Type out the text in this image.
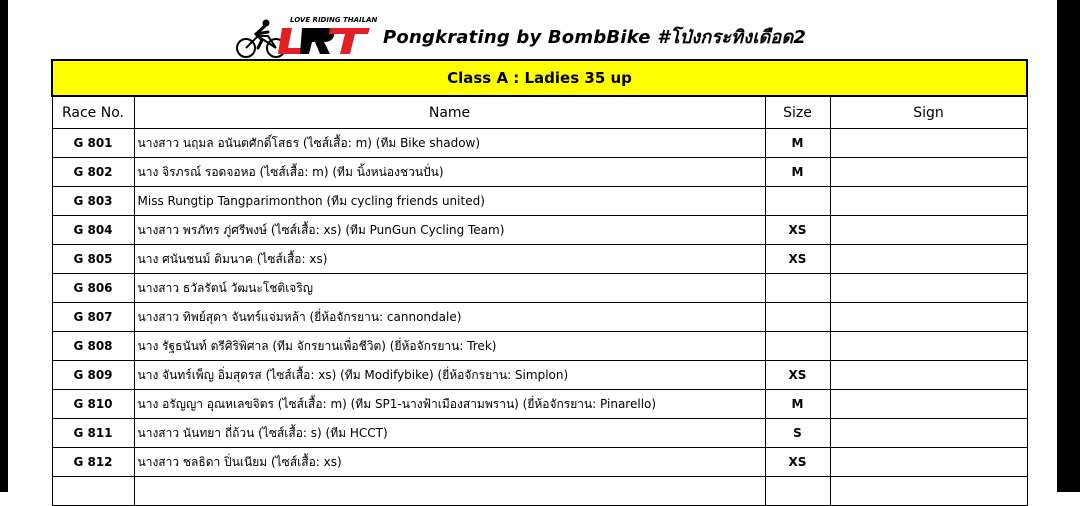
LOVE RIDING THAILAND
Pongkrating by BombBike #โป่งกระทิงเดือด2
Class A : Ladies 35 up			
Race No.	Name	Size	Sign
G 801	นางสาว นฤมล อนันตศักดิ์โสธร (ไซส์เสื้อ: m) (ทีม Bike shadow)	M	
G 802	นาง จิรภรณ์ รอดจอหอ (ไซส์เสื้อ: m) (ทีม นิ้งหน่องชวนปั่น)	M	
G 803	Miss Rungtip Tangparimonthon (ทีม cycling friends united)		
G 804	นางสาว พรภัทร ภู่ศรีพงษ์ (ไซส์เสื้อ: xs) (ทีม PunGun Cycling Team)	XS	
G 805	นาง ศนันชนม์ ติมนาค (ไซส์เสื้อ: xs)	XS	
G 806	นางสาว ธวัลรัตน์ วัฒนะโชติเจริญ		
G 807	นางสาว ทิพย์สุดา จันทร์แจ่มหล้า (ยี่ห้อจักรยาน: cannondale)		
G 808	นาง รัฐธนันท์ ตรีศิริพิศาล (ทีม จักรยานเพื่อชีวิต) (ยี่ห้อจักรยาน: Trek)		
G 809	นาง จันทร์เพ็ญ อิ่มสุดรส (ไซส์เสื้อ: xs) (ทีม Modifybike) (ยี่ห้อจักรยาน: Simplon)	XS	
G 810	นาง อรัญญา อุณหเลขจิตร (ไซส์เสื้อ: m) (ทีม SP1-นางฟ้าเมืองสามพราน) (ยี่ห้อจักรยาน: Pinarello)	M	
G 811	นางสาว นันทยา ถี่ถ้วน (ไซส์เสื้อ: s) (ทีม HCCT)	S	
G 812	นางสาว ชลธิดา ปิ่นเนียม (ไซส์เสื้อ: xs)	XS	
